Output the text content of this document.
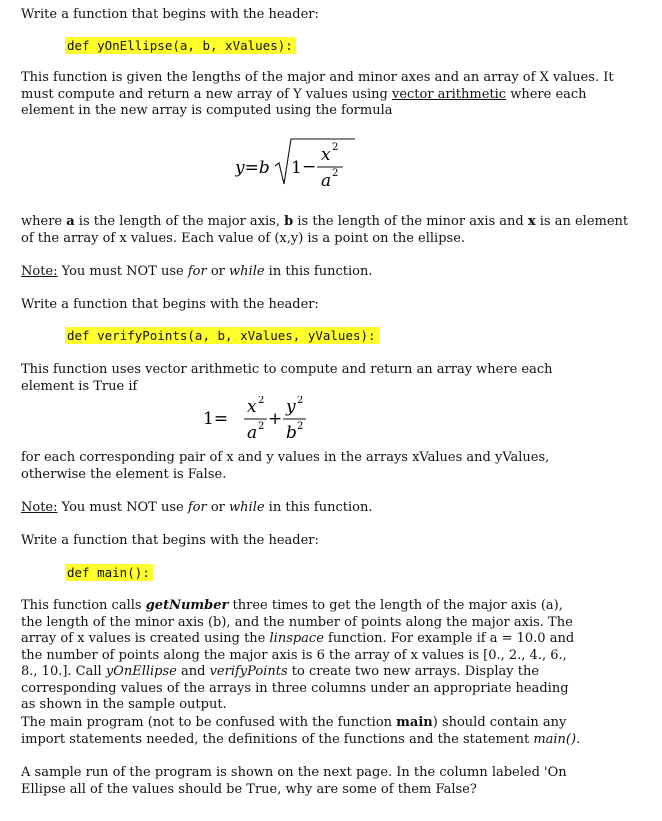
Write a function that begins with the header:

def yOnEllipse(a, b, xValues):

This function is given the lengths of the major and minor axes and an array of X values. It must compute and return a new array of Y values using vector arithmetic where each element in the new array is computed using the formula

y=b 1 −
x 2
a 2

where a is the length of the major axis, b is the length of the minor axis and x is an element of the array of x values. Each value of (x,y) is a point on the ellipse.

Note: You must NOT use for or while in this function.

Write a function that begins with the header:

def verifyPoints(a, b, xValues, yValues):

This function uses vector arithmetic to compute and return an array where each element is True if

1=
x 2
a 2 +
y 2
b 2

for each corresponding pair of x and y values in the arrays xValues and yValues, otherwise the element is False.

Note: You must NOT use for or while in this function.

Write a function that begins with the header:

def main():

This function calls getNumber three times to get the length of the major axis (a), the length of the minor axis (b), and the number of points along the major axis. The array of x values is created using the linspace function. For example if a = 10.0 and the number of points along the major axis is 6 the array of x values is [0., 2., 4., 6., 8., 10.]. Call yOnEllipse and verifyPoints to create two new arrays. Display the corresponding values of the arrays in three columns under an appropriate heading as shown in the sample output.

The main program (not to be confused with the function main) should contain any import statements needed, the definitions of the functions and the statement main().

A sample run of the program is shown on the next page. In the column labeled 'On Ellipse all of the values should be True, why are some of them False?
